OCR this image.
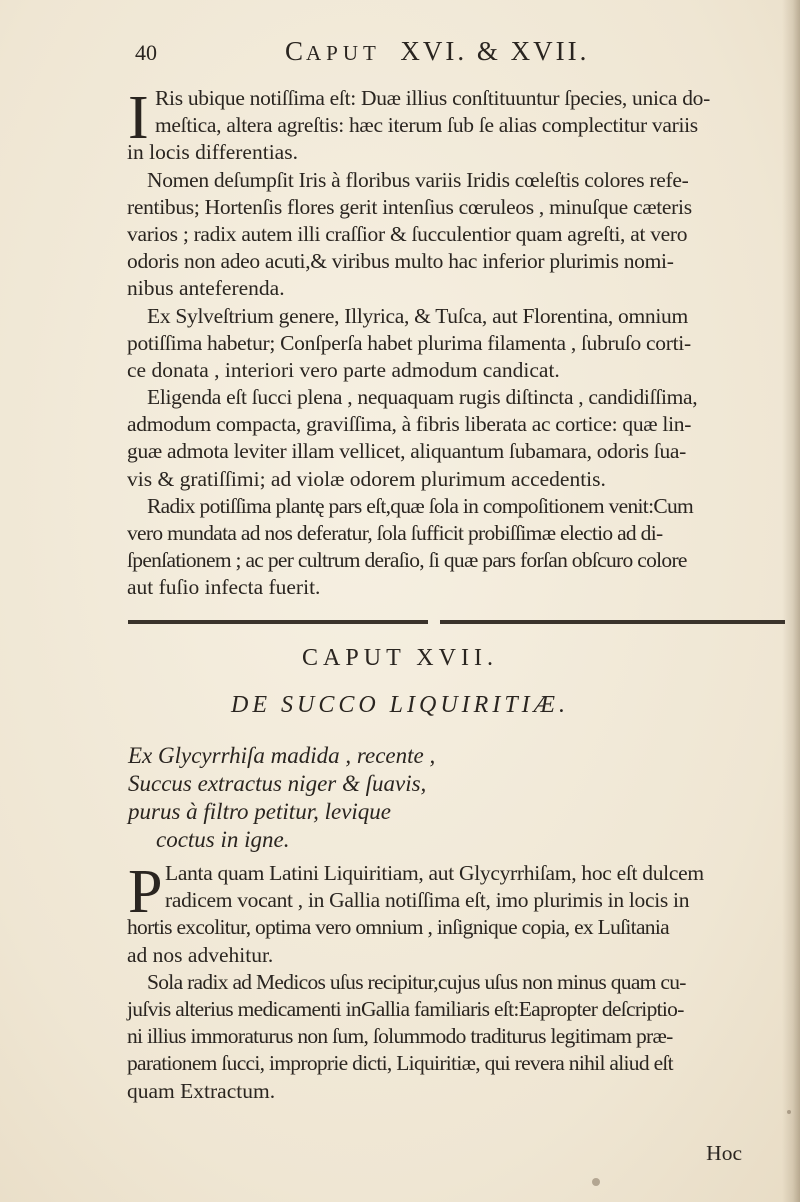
40	CAPUT XVI. & XVII.
I Ris ubique notiſſima eſt: Duæ illius conſtituuntur ſpecies, unica do-
meſtica, altera agreſtis: hæc iterum ſub ſe alias complectitur variis
in locis differentias.
Nomen deſumpſit Iris à floribus variis Iridis cœleſtis colores refe-
rentibus; Hortenſis flores gerit intenſius cœruleos , minuſque cæteris
varios ; radix autem illi craſſior & ſucculentior quam agreſti, at vero
odoris non adeo acuti,& viribus multo hac inferior plurimis nomi-
nibus anteferenda.
Ex Sylveſtrium genere, Illyrica, & Tuſca, aut Florentina, omnium
potiſſima habetur; Conſperſa habet plurima filamenta , ſubruſo corti-
ce donata , interiori vero parte admodum candicat.
Eligenda eſt ſucci plena , nequaquam rugis diſtincta , candidiſſima,
admodum compacta, graviſſima, à fibris liberata ac cortice: quæ lin-
guæ admota leviter illam vellicet, aliquantum ſubamara, odoris ſua-
vis & gratiſſimi; ad violæ odorem plurimum accedentis.
Radix potiſſima plantę pars eſt,quæ ſola in compoſitionem venit:Cum
vero mundata ad nos deferatur, ſola ſufficit probiſſimæ electio ad di-
ſpenſationem ; ac per cultrum deraſio, ſi quæ pars forſan obſcuro colore
aut fuſio infecta fuerit.
CAPUT XVII.
DE SUCCO LIQUIRITIÆ.
Ex Glycyrrhiſa madida , recente ,
Succus extractus niger & ſuavis,
purus à filtro petitur, levique
coctus in igne.
P Lanta quam Latini Liquiritiam, aut Glycyrrhiſam, hoc eſt dulcem
radicem vocant , in Gallia notiſſima eſt, imo plurimis in locis in
hortis excolitur, optima vero omnium , inſignique copia, ex Luſitania
ad nos advehitur.
Sola radix ad Medicos uſus recipitur,cujus uſus non minus quam cu-
juſvis alterius medicamenti inGallia familiaris eſt:Eapropter deſcriptio-
ni illius immoraturus non ſum, ſolummodo traditurus legitimam præ-
parationem ſucci, improprie dicti, Liquiritiæ, qui revera nihil aliud eſt
quam Extractum.
Hoc
